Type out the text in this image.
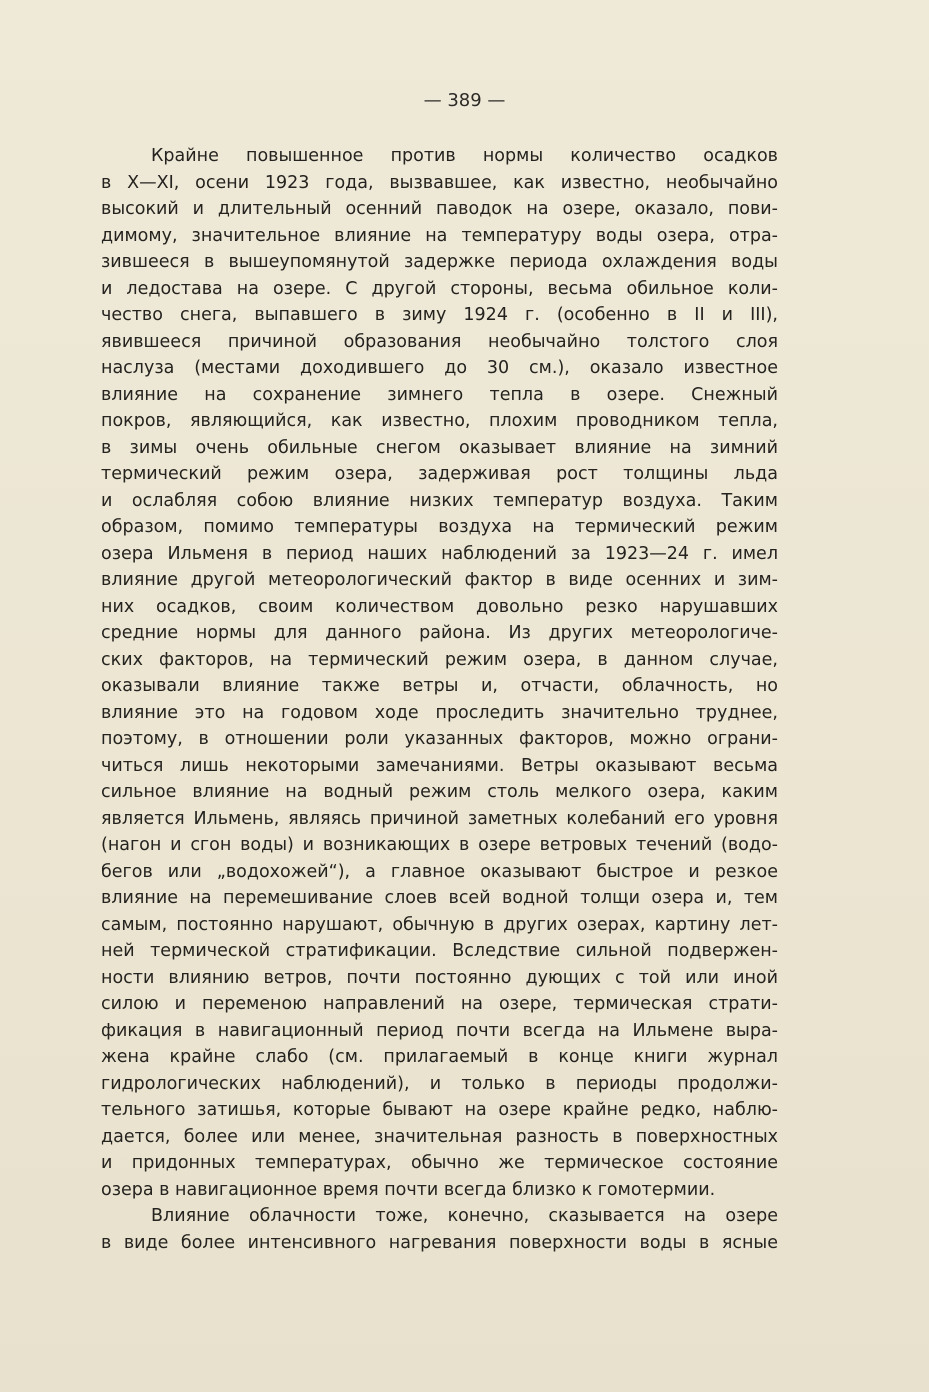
— 389 —
Крайне повышенное против нормы количество осадков
в X—XI, осени 1923 года, вызвавшее, как известно, необычайно
высокий и длительный осенний паводок на озере, оказало, пови-
димому, значительное влияние на температуру воды озера, отра-
зившееся в вышеупомянутой задержке периода охлаждения воды
и ледостава на озере. С другой стороны, весьма обильное коли-
чество снега, выпавшего в зиму 1924 г. (особенно в II и III),
явившееся причиной образования необычайно толстого слоя
наслуза (местами доходившего до 30 см.), оказало известное
влияние на сохранение зимнего тепла в озере. Снежный
покров, являющийся, как известно, плохим проводником тепла,
в зимы очень обильные снегом оказывает влияние на зимний
термический режим озера, задерживая рост толщины льда
и ослабляя собою влияние низких температур воздуха. Таким
образом, помимо температуры воздуха на термический режим
озера Ильменя в период наших наблюдений за 1923—24 г. имел
влияние другой метеорологический фактор в виде осенних и зим-
них осадков, своим количеством довольно резко нарушавших
средние нормы для данного района. Из других метеорологиче-
ских факторов, на термический режим озера, в данном случае,
оказывали влияние также ветры и, отчасти, облачность, но
влияние это на годовом ходе проследить значительно труднее,
поэтому, в отношении роли указанных факторов, можно ограни-
читься лишь некоторыми замечаниями. Ветры оказывают весьма
сильное влияние на водный режим столь мелкого озера, каким
является Ильмень, являясь причиной заметных колебаний его уровня
(нагон и сгон воды) и возникающих в озере ветровых течений (водо-
бегов или „водохожей“), а главное оказывают быстрое и резкое
влияние на перемешивание слоев всей водной толщи озера и, тем
самым, постоянно нарушают, обычную в других озерах, картину лет-
ней термической стратификации. Вследствие сильной подвержен-
ности влиянию ветров, почти постоянно дующих с той или иной
силою и переменою направлений на озере, термическая страти-
фикация в навигационный период почти всегда на Ильмене выра-
жена крайне слабо (см. прилагаемый в конце книги журнал
гидрологических наблюдений), и только в периоды продолжи-
тельного затишья, которые бывают на озере крайне редко, наблю-
дается, более или менее, значительная разность в поверхностных
и придонных температурах, обычно же термическое состояние
озера в навигационное время почти всегда близко к гомотермии.
Влияние облачности тоже, конечно, сказывается на озере
в виде более интенсивного нагревания поверхности воды в ясные
